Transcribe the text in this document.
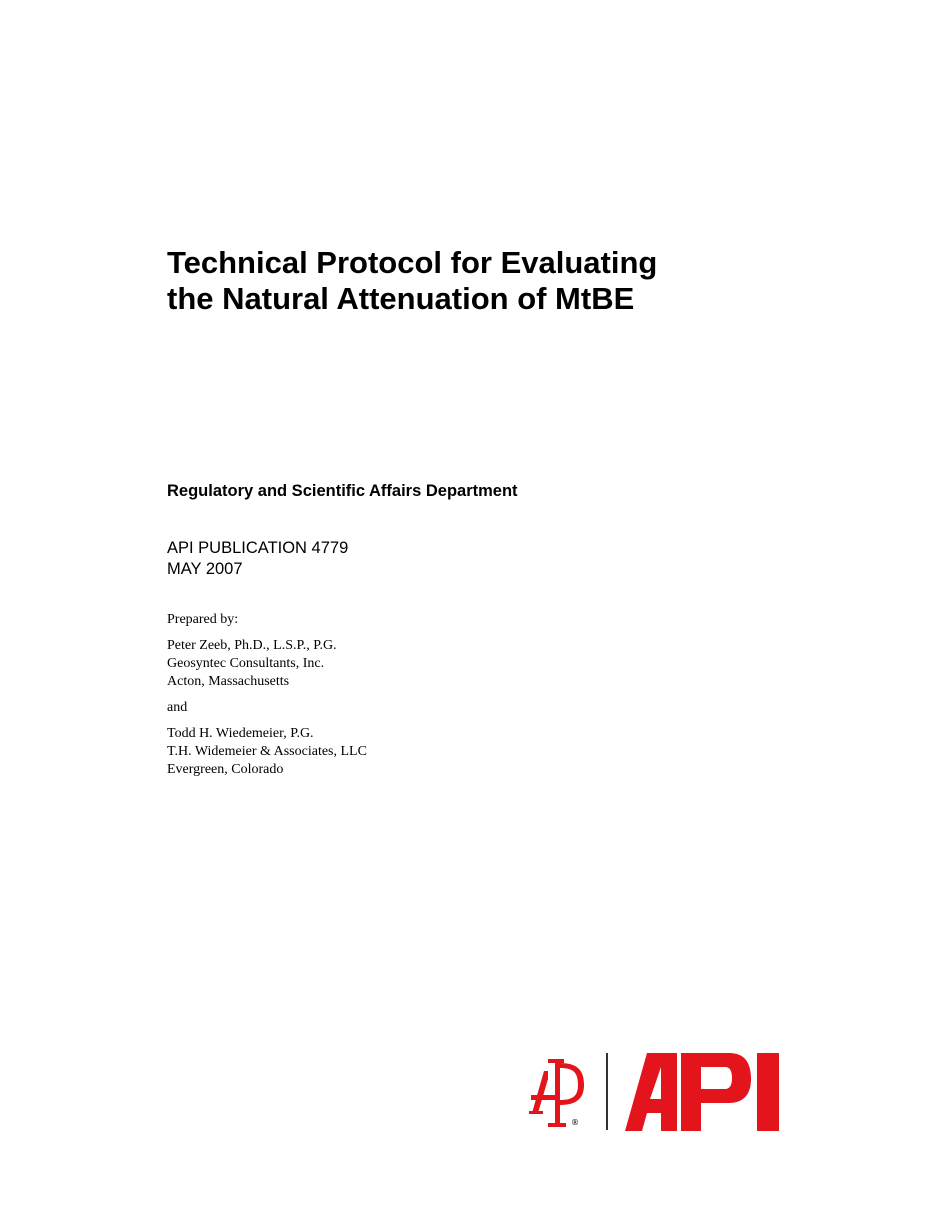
Technical Protocol for Evaluating
the Natural Attenuation of MtBE
Regulatory and Scientific Affairs Department
API PUBLICATION 4779
MAY 2007
Prepared by:
Peter Zeeb, Ph.D., L.S.P., P.G.
Geosyntec Consultants, Inc.
Acton, Massachusetts
and
Todd H. Wiedemeier, P.G.
T.H. Widemeier & Associates, LLC
Evergreen, Colorado
®
